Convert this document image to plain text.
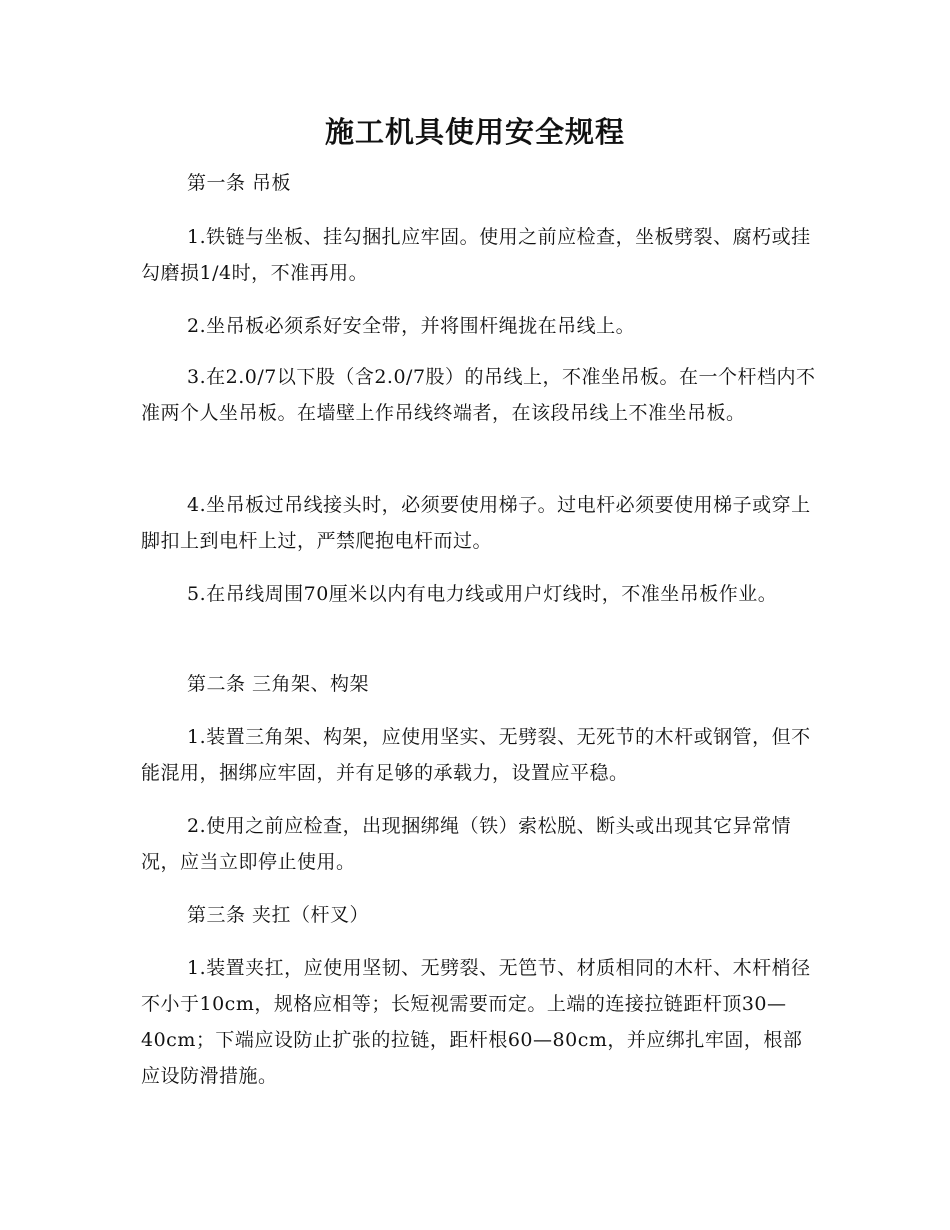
施工机具使用安全规程

第一条 吊板

1.铁链与坐板、挂勾捆扎应牢固。使用之前应检查，坐板劈裂、腐朽或挂勾磨损1/4时，不准再用。

2.坐吊板必须系好安全带，并将围杆绳拢在吊线上。

3.在2.0/7以下股（含2.0/7股）的吊线上，不准坐吊板。在一个杆档内不准两个人坐吊板。在墙壁上作吊线终端者，在该段吊线上不准坐吊板。

4.坐吊板过吊线接头时，必须要使用梯子。过电杆必须要使用梯子或穿上脚扣上到电杆上过，严禁爬抱电杆而过。

5.在吊线周围70厘米以内有电力线或用户灯线时，不准坐吊板作业。

第二条 三角架、构架

1.装置三角架、构架，应使用坚实、无劈裂、无死节的木杆或钢管，但不能混用，捆绑应牢固，并有足够的承载力，设置应平稳。

2.使用之前应检查，出现捆绑绳（铁）索松脱、断头或出现其它异常情况，应当立即停止使用。

第三条 夹扛（杆叉）

1.装置夹扛，应使用坚韧、无劈裂、无笆节、材质相同的木杆、木杆梢径不小于10cm，规格应相等；长短视需要而定。上端的连接拉链距杆顶30—40cm；下端应设防止扩张的拉链，距杆根60—80cm，并应绑扎牢固，根部应设防滑措施。
